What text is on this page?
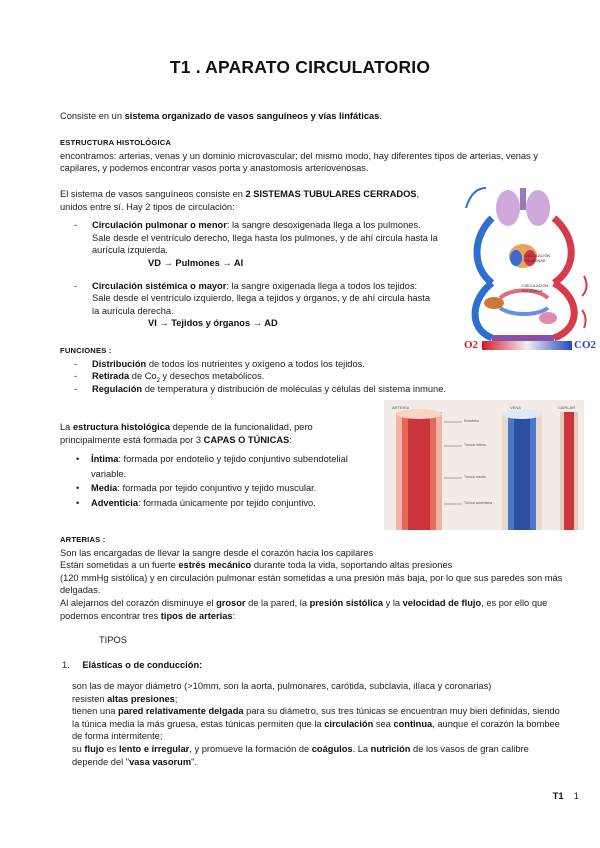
T1 . APARATO CIRCULATORIO

Consiste en un sistema organizado de vasos sanguíneos y vías linfáticas.

ESTRUCTURA HISTOLÓGICA

encontramos: arterias, venas y un dominio microvascular; del mismo modo, hay diferentes tipos de arterias, venas y capilares, y podemos encontrar vasos porta y anastomosis arteriovenosas.

El sistema de vasos sanguíneos consiste en 2 SISTEMAS TUBULARES CERRADOS, unidos entre sí. Hay 2 tipos de circulación:

- Circulación pulmonar o menor: la sangre desoxigenada llega a los pulmones. Sale desde el ventrículo derecho, llega hasta los pulmones, y de ahí circula hasta la aurícula izquierda.
VD → Pulmones → AI
- Circulación sistémica o mayor: la sangre oxigenada llega a todos los tejidos: Sale desde el ventrículo izquierdo, llega a tejidos y órganos, y de ahí circula hasta la aurícula derecha.
VI → Tejidos y órganos → AD
CIRCULACIÓN PULMONAR
CIRCULACIÓN SISTÉMICA
O2	CO2
FUNCIONES :
- Distribución de todos los nutrientes y oxígeno a todos los tejidos.
- Retirada de $Co_2$ y desechos metabólicos.
- Regulación de temperatura y distribución de moléculas y células del sistema inmune.

La estructura histológica depende de la funcionalidad, pero principalmente está formada por 3 CAPAS O TÚNICAS:

• Íntima: formada por endotelio y tejido conjuntivo subendotelial variable.
• Media: formada por tejido conjuntivo y tejido muscular.
• Adventicia: formada únicamente por tejido conjuntivo.
ARTERIA	VENA	CAPILAR
Endotelio
Túnica íntima
Túnica media
Túnica adventicia
ARTERIAS :

Son las encargadas de llevar la sangre desde el corazón hacia los capilares

Están sometidas a un fuerte estrés mecánico durante toda la vida, soportando altas presiones

(120 mmHg sistólica) y en circulación pulmonar están sometidas a una presión más baja, por lo que sus paredes son más delgadas.

Al alejarnos del corazón disminuye el grosor de la pared, la presión sistólica y la velocidad de flujo, es por ello que podemos encontrar tres tipos de arterias:

TIPOS
1. Elásticas o de conducción:

son las de mayor diámetro (>10mm, son la aorta, pulmonares, carótida, subclavia, ilíaca y coronarias)

resisten altas presiones;

tienen una pared relativamente delgada para su diámetro, sus tres túnicas se encuentran muy bien definidas, siendo la túnica media la más gruesa, estas túnicas permiten que la circulación sea continua, aunque el corazón la bombee de forma intermitente;

su flujo es lento e irregular, y promueve la formación de coágulos. La nutrición de los vasos de gran calibre depende del "vasa vasorum".

T1 1
